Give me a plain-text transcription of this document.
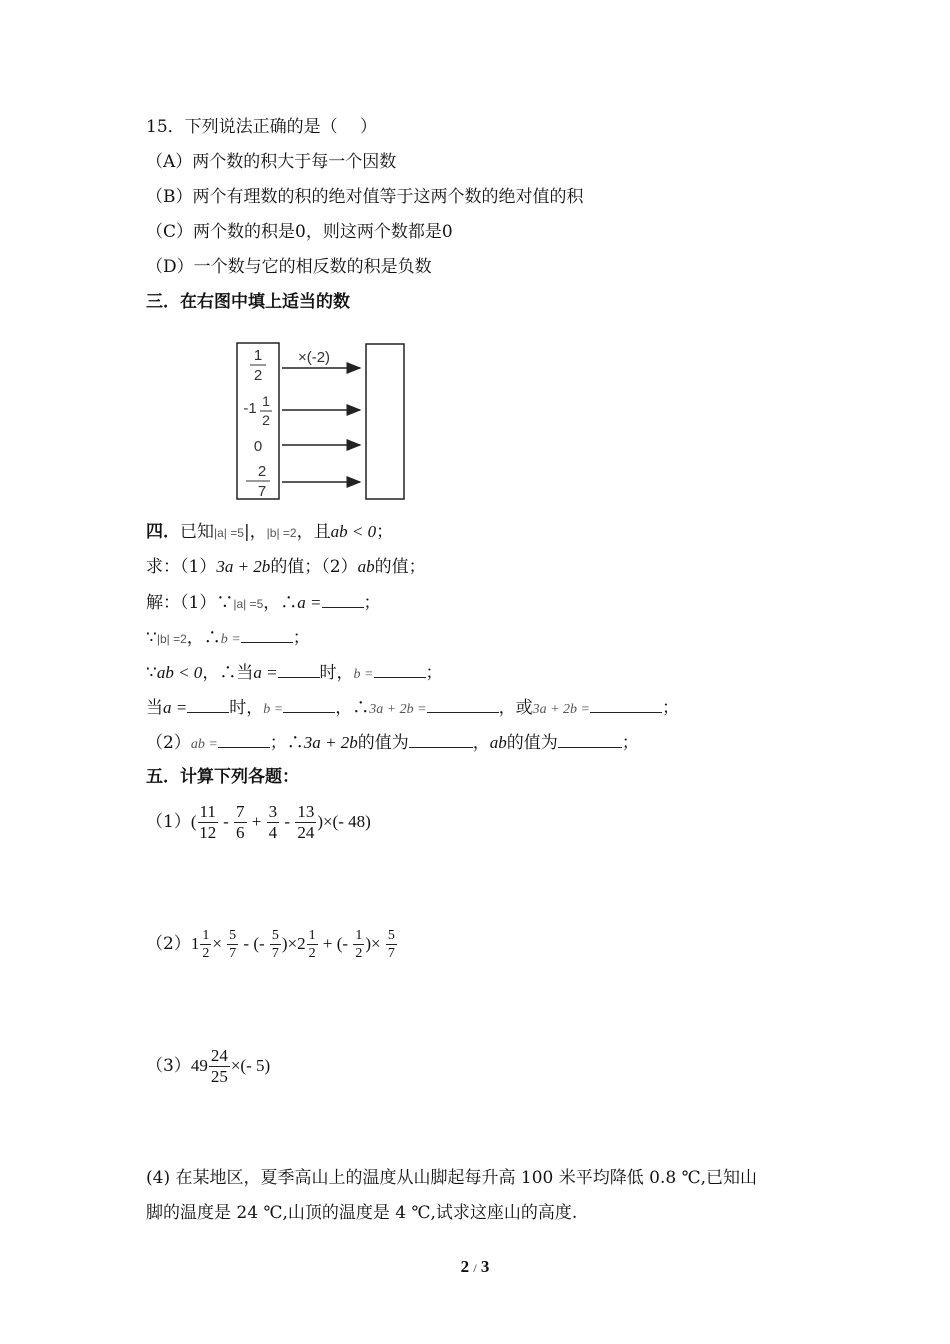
15．下列说法正确的是（　 ）
（A）两个数的积大于每一个因数
（B）两个有理数的积的绝对值等于这两个数的绝对值的积
（C）两个数的积是0，则这两个数都是0
（D）一个数与它的相反数的积是负数
三．在右图中填上适当的数
1
2
-1 1
2
0
2
7
×(-2)
四．已知|a| =5|，|b| =2，且ab < 0；
求：（1）3a + 2b的值；（2）ab的值；
解：（1）∵|a| =5，∴a = ；
∵|b| =2，∴b =	；
∵ab < 0，∴当a = 时，b =	；
当a = 时，b =	，∴3a + 2b =	，或3a + 2b =	；
（2）ab =	；∴3a + 2b的值为	，ab的值为	；
五．计算下列各题：
$(1)( \frac{11}{12} - \frac{7}{6} + \frac{3}{4} - \frac{13}{24}$ )×(- 48)
$(2)1 \frac{1}{2} \times \frac{5}{7}$ - (- $\frac{5}{7} )\times 2 \frac{1}{2}$ + (- $\frac{1}{2}$ )× $\frac{5}{7}$
$(3)49 \frac{24}{25}$ ×(- 5)
(4) 在某地区，夏季高山上的温度从山脚起每升高 100 米平均降低 0.8 ℃,已知山
脚的温度是 24 ℃,山顶的温度是 4 ℃,试求这座山的高度.
2 / 3
